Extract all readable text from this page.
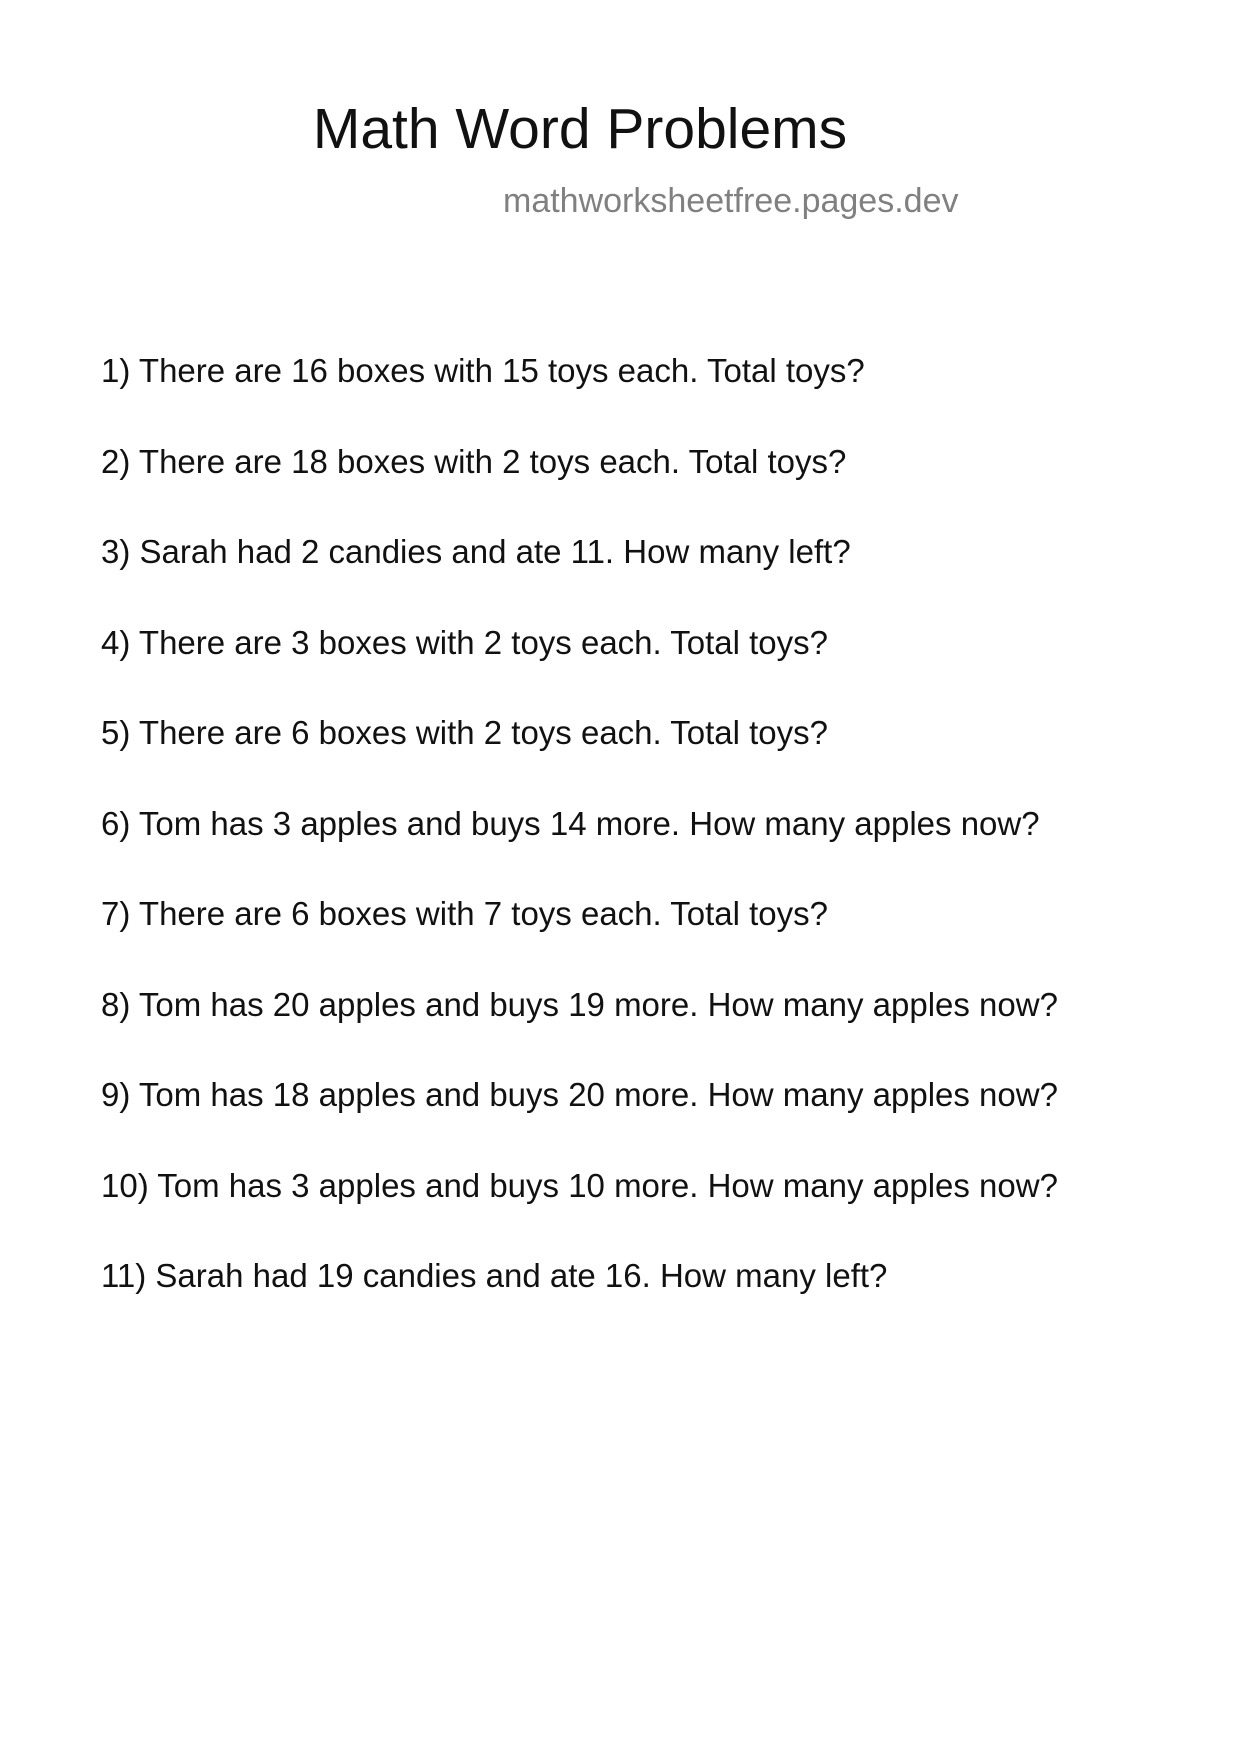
Math Word Problems
mathworksheetfree.pages.dev
1) There are 16 boxes with 15 toys each. Total toys?
2) There are 18 boxes with 2 toys each. Total toys?
3) Sarah had 2 candies and ate 11. How many left?
4) There are 3 boxes with 2 toys each. Total toys?
5) There are 6 boxes with 2 toys each. Total toys?
6) Tom has 3 apples and buys 14 more. How many apples now?
7) There are 6 boxes with 7 toys each. Total toys?
8) Tom has 20 apples and buys 19 more. How many apples now?
9) Tom has 18 apples and buys 20 more. How many apples now?
10) Tom has 3 apples and buys 10 more. How many apples now?
11) Sarah had 19 candies and ate 16. How many left?
